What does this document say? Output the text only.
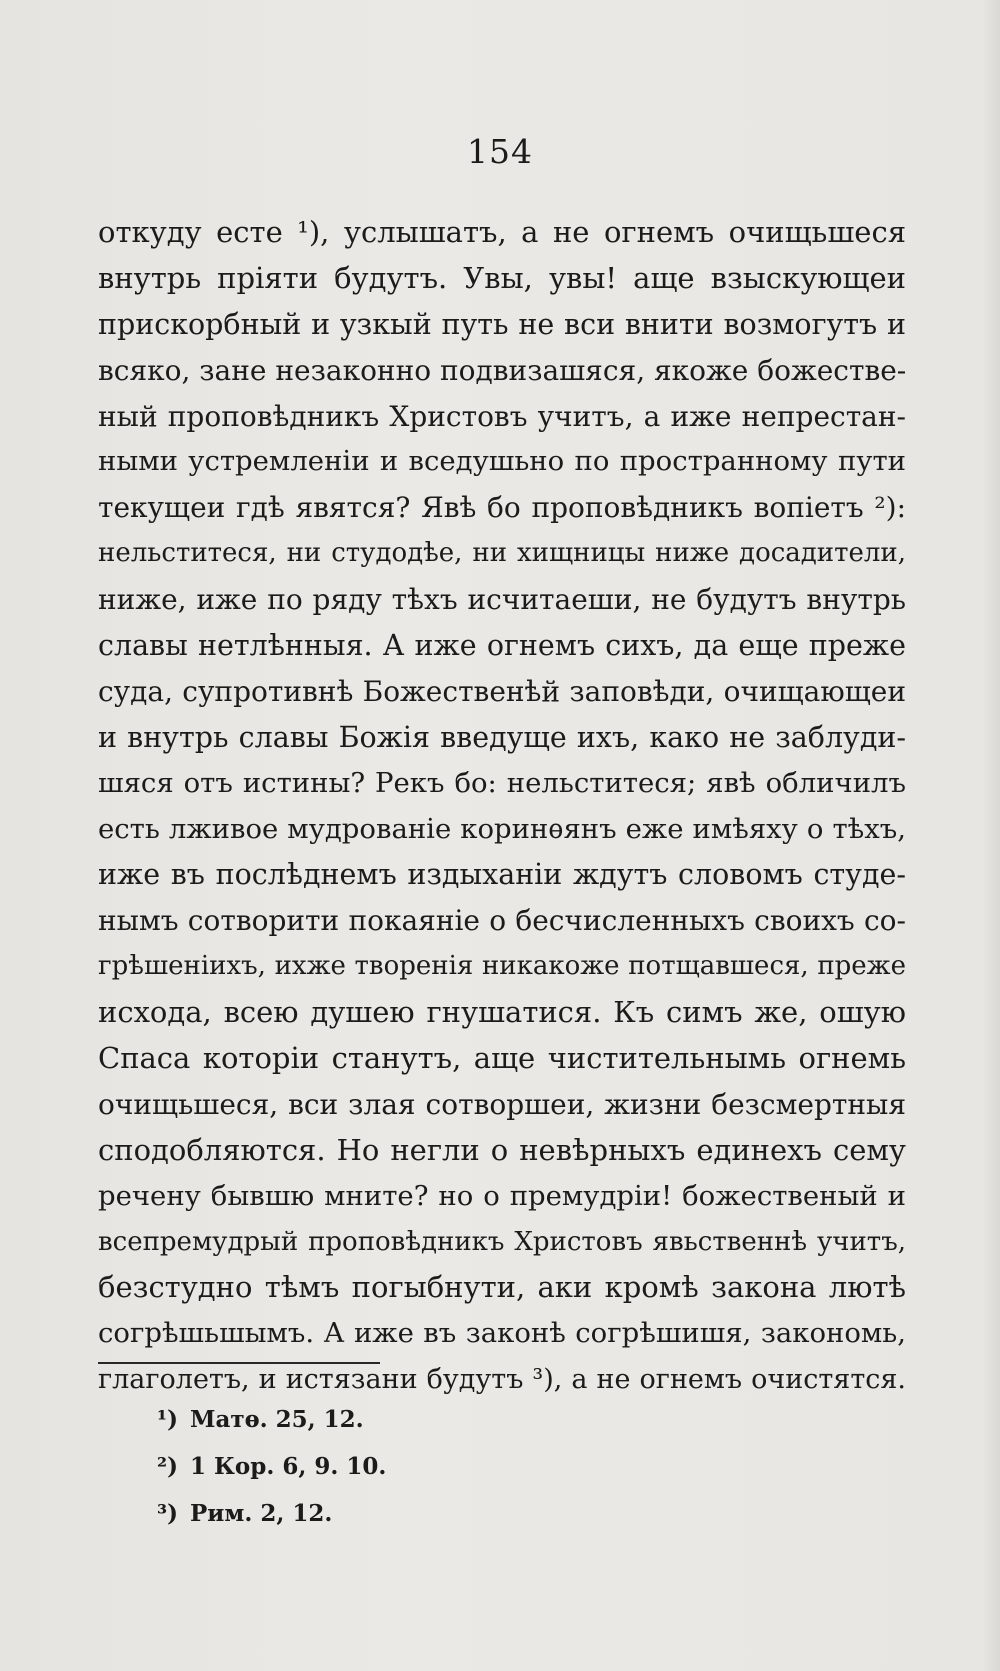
154
откуду есте ¹), услышатъ, а не огнемъ очищьшеся
внутрь пріяти будутъ. Увы, увы! аще взыскующеи
прискорбный и узкый путь не вси внити возмогутъ и
всяко, зане незаконно подвизашяся, якоже божестве-
ный проповѣдникъ Христовъ учитъ, а иже непрестан-
ными устремленіи и вседушьно по пространному пути
текущеи гдѣ явятся? Явѣ бо проповѣдникъ вопіетъ ²):
нельститеся, ни студодѣе, ни хищницы ниже досадители,
ниже, иже по ряду тѣхъ исчитаеши, не будутъ внутрь
славы нетлѣнныя. А иже огнемъ сихъ, да еще преже
суда, супротивнѣ Божественѣй заповѣди, очищающеи
и внутрь славы Божія введуще ихъ, како не заблуди-
шяся отъ истины? Рекъ бо: нельститеся; явѣ обличилъ
есть лживое мудрованіе коринѳянъ еже имѣяху о тѣхъ,
иже въ послѣднемъ издыханіи ждутъ словомъ студе-
нымъ сотворити покаяніе о бесчисленныхъ своихъ со-
грѣшеніихъ, ихже творенія никакоже потщавшеся, преже
исхода, всею душею гнушатися. Къ симъ же, ошую
Спаса которіи станутъ, аще чистительнымь огнемь
очищьшеся, вси злая сотворшеи, жизни безсмертныя
сподобляются. Но негли о невѣрныхъ единехъ сему
речену бывшю мните? но о премудріи! божественый и
всепремудрый проповѣдникъ Христовъ явьственнѣ учитъ,
безстудно тѣмъ погыбнути, аки кромѣ закона лютѣ
согрѣшьшымъ. А иже въ законѣ согрѣшишя, закономь,
глаголетъ, и истязани будутъ ³), а не огнемъ очистятся.
¹) Матѳ. 25, 12.
²) 1 Кор. 6, 9. 10.
³) Рим. 2, 12.
